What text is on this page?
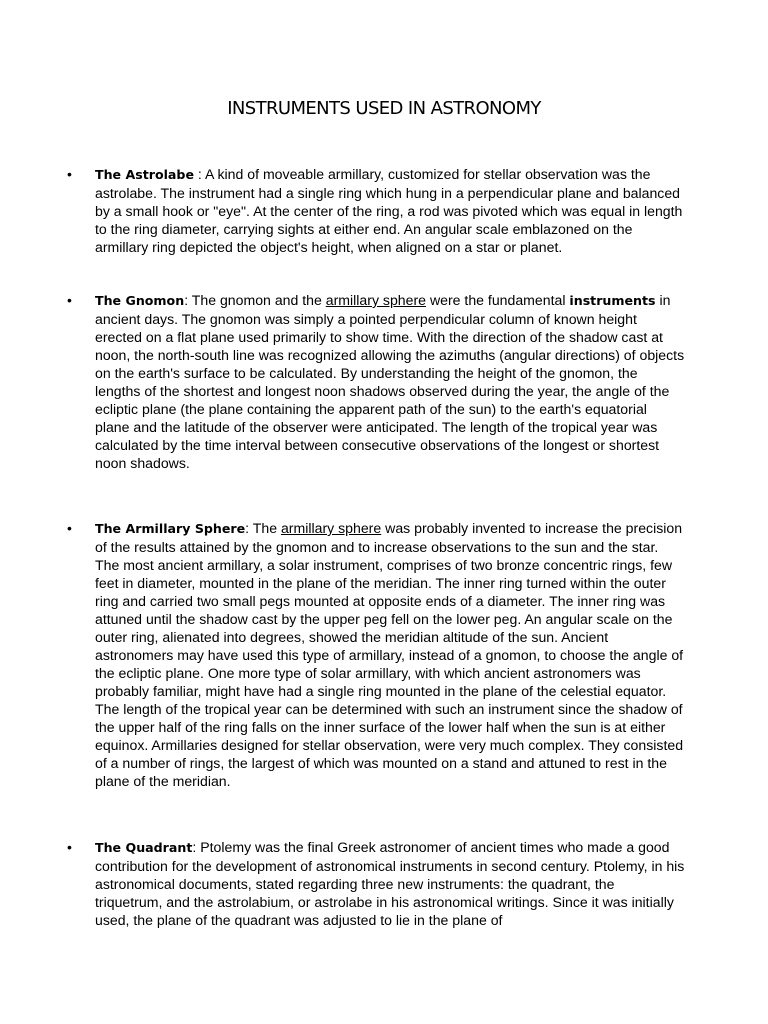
INSTRUMENTS USED IN ASTRONOMY
• The Astrolabe : A kind of moveable armillary, customized for stellar observation was the astrolabe. The instrument had a single ring which hung in a perpendicular plane and balanced by a small hook or "eye". At the center of the ring, a rod was pivoted which was equal in length to the ring diameter, carrying sights at either end. An angular scale emblazoned on the armillary ring depicted the object's height, when aligned on a star or planet.
• The Gnomon: The gnomon and the armillary sphere were the fundamental instruments in ancient days. The gnomon was simply a pointed perpendicular column of known height erected on a flat plane used primarily to show time. With the direction of the shadow cast at noon, the north-south line was recognized allowing the azimuths (angular directions) of objects on the earth's surface to be calculated. By understanding the height of the gnomon, the lengths of the shortest and longest noon shadows observed during the year, the angle of the ecliptic plane (the plane containing the apparent path of the sun) to the earth's equatorial plane and the latitude of the observer were anticipated. The length of the tropical year was calculated by the time interval between consecutive observations of the longest or shortest noon shadows.
• The Armillary Sphere: The armillary sphere was probably invented to increase the precision of the results attained by the gnomon and to increase observations to the sun and the star. The most ancient armillary, a solar instrument, comprises of two bronze concentric rings, few feet in diameter, mounted in the plane of the meridian. The inner ring turned within the outer ring and carried two small pegs mounted at opposite ends of a diameter. The inner ring was attuned until the shadow cast by the upper peg fell on the lower peg. An angular scale on the outer ring, alienated into degrees, showed the meridian altitude of the sun. Ancient astronomers may have used this type of armillary, instead of a gnomon, to choose the angle of the ecliptic plane. One more type of solar armillary, with which ancient astronomers was probably familiar, might have had a single ring mounted in the plane of the celestial equator. The length of the tropical year can be determined with such an instrument since the shadow of the upper half of the ring falls on the inner surface of the lower half when the sun is at either equinox. Armillaries designed for stellar observation, were very much complex. They consisted of a number of rings, the largest of which was mounted on a stand and attuned to rest in the plane of the meridian.
• The Quadrant: Ptolemy was the final Greek astronomer of ancient times who made a good contribution for the development of astronomical instruments in second century. Ptolemy, in his astronomical documents, stated regarding three new instruments: the quadrant, the triquetrum, and the astrolabium, or astrolabe in his astronomical writings. Since it was initially used, the plane of the quadrant was adjusted to lie in the plane of
